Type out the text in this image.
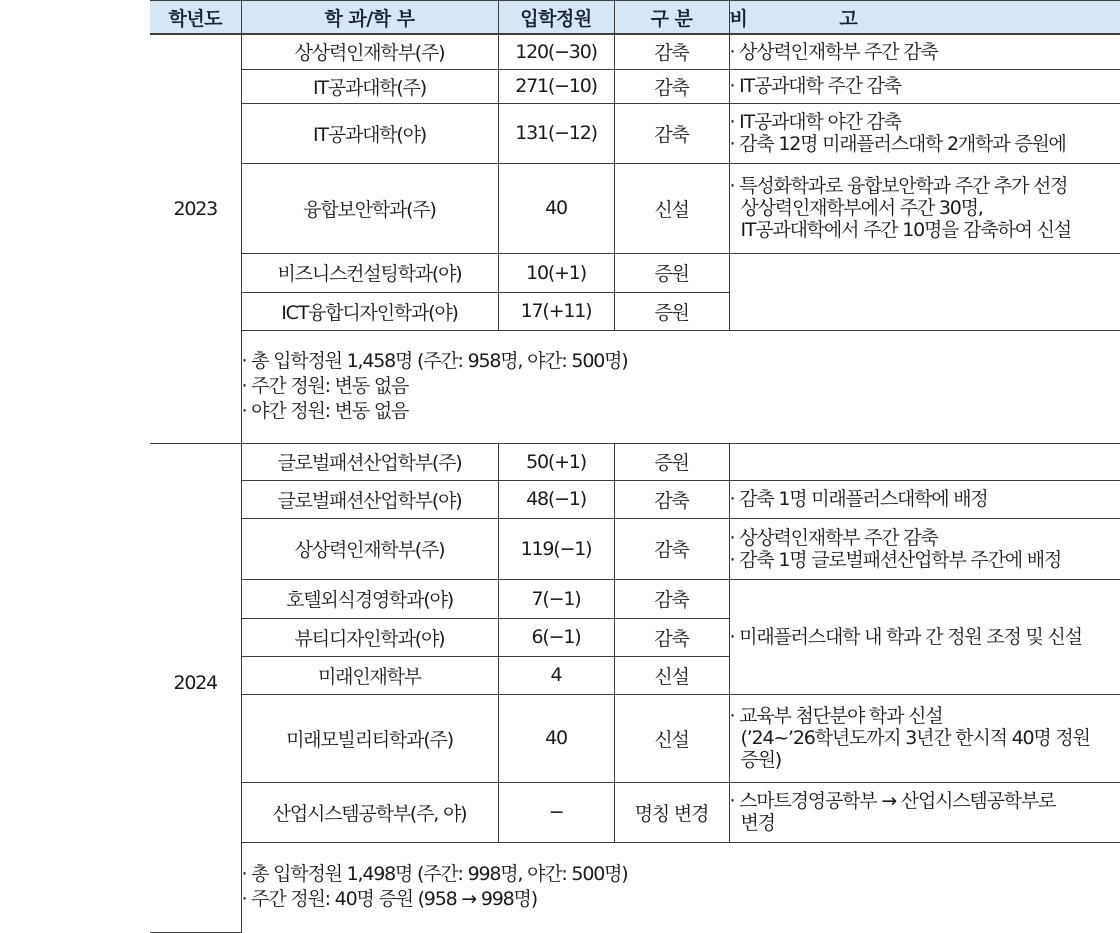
학년도	학 과/학 부	입학정원	구 분	비 고
2023	상상력인재학부(주)	120(−30)	감축	· 상상력인재학부 주간 감축

	IT공과대학(주)	271(−10)	감축	· IT공과대학 주간 감축

	IT공과대학(야)	131(−12)	감축	· IT공과대학 야간 감축
· 감축 12명 미래플러스대학 2개학과 증원에

	융합보안학과(주)	40	신설	· 특성화학과로 융합보안학과 주간 추가 선정
상상력인재학부에서 주간 30명,
IT공과대학에서 주간 10명을 감축하여 신설

	비즈니스컨설팅학과(야)	10(+1)	증원	
	ICT융합디자인학과(야)	17(+11)	증원	

	· 총 입학정원 1,458명 (주간: 958명, 야간: 500명)
· 주간 정원: 변동 없음
· 야간 정원: 변동 없음			

2024	글로벌패션산업학부(주)	50(+1)	증원	
	글로벌패션산업학부(야)	48(−1)	감축	· 감축 1명 미래플러스대학에 배정

	상상력인재학부(주)	119(−1)	감축	· 상상력인재학부 주간 감축
· 감축 1명 글로벌패션산업학부 주간에 배정

	호텔외식경영학과(야)	7(−1)	감축	· 미래플러스대학 내 학과 간 정원 조정 및 신설

	뷰티디자인학과(야)	6(−1)	감축	
	미래인재학부	4	신설	
	미래모빌리티학과(주)	40	신설	· 교육부 첨단분야 학과 신설
(’24~’26학년도까지 3년간 한시적 40명 정원
증원)

	산업시스템공학부(주, 야)	−	명칭 변경	· 스마트경영공학부 → 산업시스템공학부로
변경

	· 총 입학정원 1,498명 (주간: 998명, 야간: 500명)
· 주간 정원: 40명 증원 (958 → 998명)			
